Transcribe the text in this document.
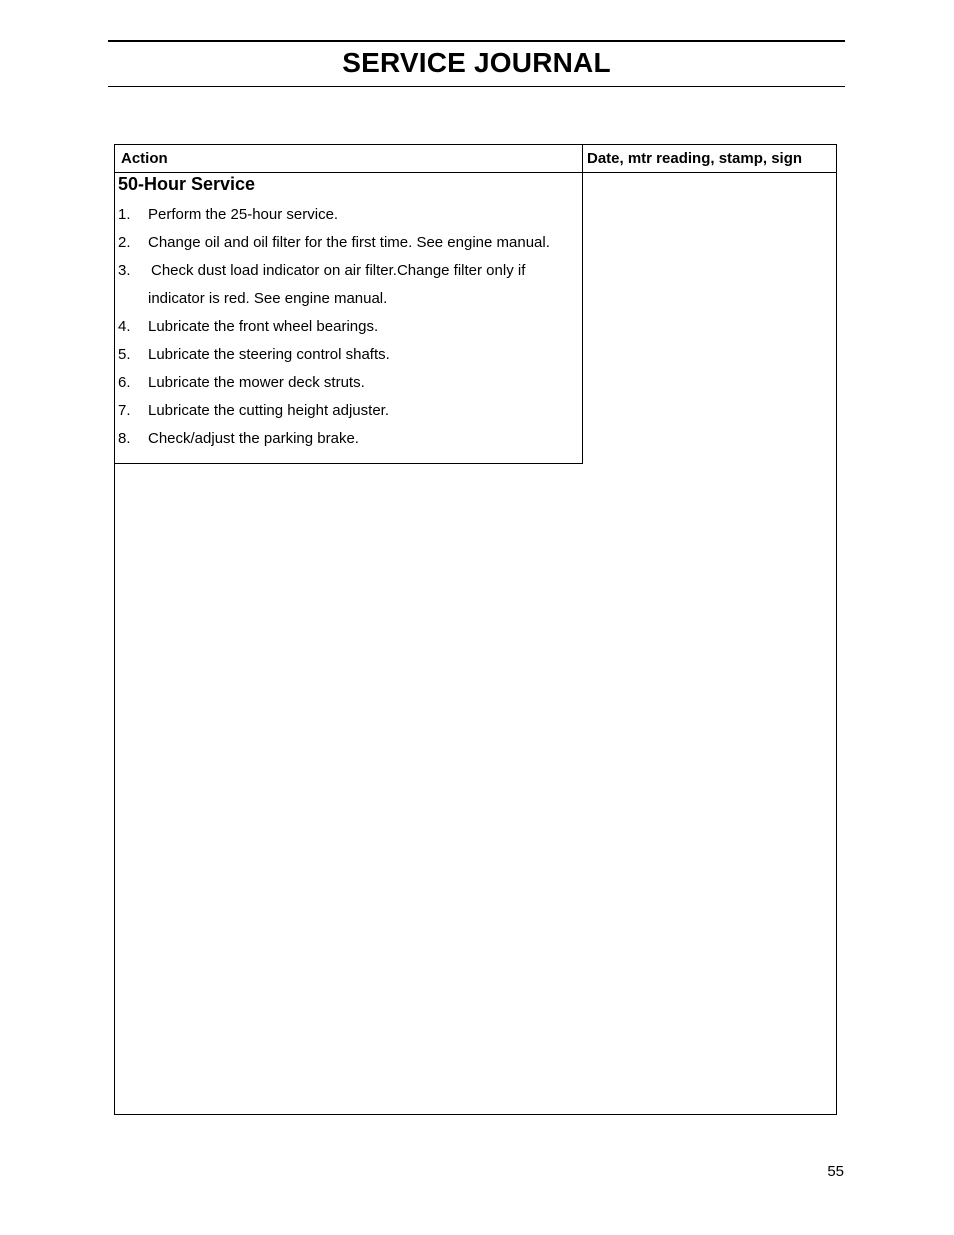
SERVICE JOURNAL
Action	Date, mtr reading, stamp, sign
50-Hour Service
1. Perform the 25-hour service.
2. Change oil and oil filter for the first time. See engine manual.
3. Check dust load indicator on air filter.Change filter only if
indicator is red. See engine manual.
4. Lubricate the front wheel bearings.
5. Lubricate the steering control shafts.
6. Lubricate the mower deck struts.
7. Lubricate the cutting height adjuster.
8. Check/adjust the parking brake.
55
